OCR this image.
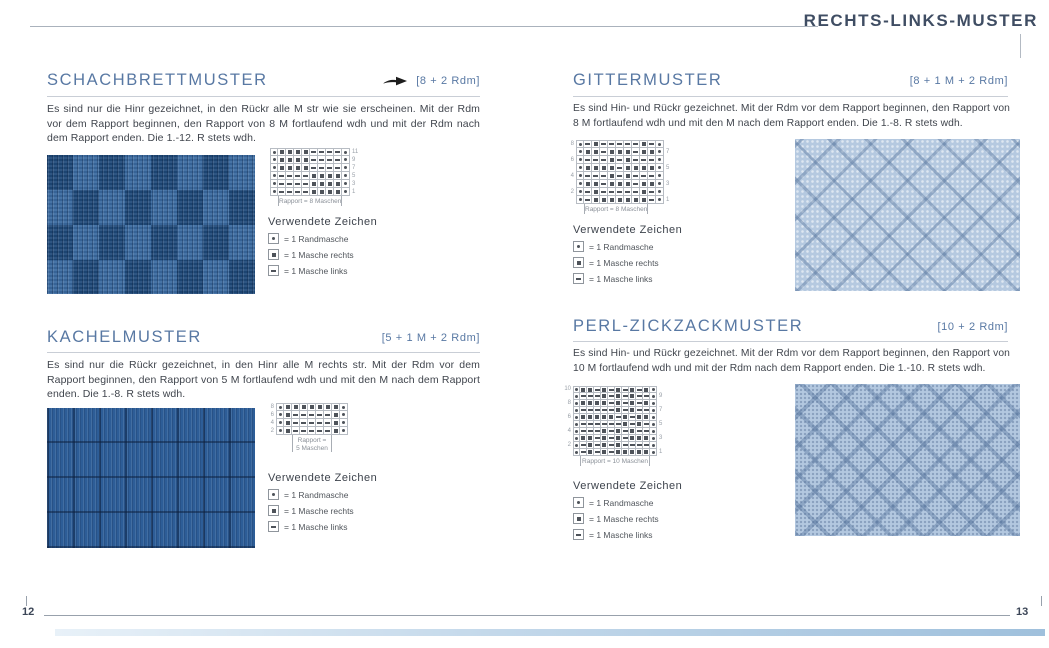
RECHTS-LINKS-MUSTER
SCHACHBRETTMUSTER	[8 + 2 Rdm]
Es sind nur die Hinr gezeichnet, in den Rückr alle M str wie sie erscheinen. Mit der Rdm vor dem Rapport beginnen, den Rapport von 8 M fortlaufend wdh und mit der Rdm nach dem Rapport enden. Die 1.-12. R stets wdh.
11
9
7
5
3
1
Rapport = 8 Maschen
Verwendete Zeichen
= 1 Randmasche
= 1 Masche rechts
= 1 Masche links
KACHELMUSTER	[5 + 1 M + 2 Rdm]
Es sind nur die Rückr gezeichnet, in den Hinr alle M rechts str. Mit der Rdm vor dem Rapport beginnen, den Rapport von 5 M fortlaufend wdh und mit den M nach dem Rapport enden. Die 1.-8. R stets wdh.
8
6
4
2
Rapport =
5 Maschen
Verwendete Zeichen
= 1 Randmasche
= 1 Masche rechts
= 1 Masche links
GITTERMUSTER	[8 + 1 M + 2 Rdm]
Es sind Hin- und Rückr gezeichnet. Mit der Rdm vor dem Rapport beginnen, den Rapport von 8 M fortlaufend wdh und mit den M nach dem Rapport enden. Die 1.-8. R stets wdh.
8
7
6
5
4
3
2
1
Rapport = 8 Maschen
Verwendete Zeichen
= 1 Randmasche
= 1 Masche rechts
= 1 Masche links
PERL-ZICKZACKMUSTER	[10 + 2 Rdm]
Es sind Hin- und Rückr gezeichnet. Mit der Rdm vor dem Rapport beginnen, den Rapport von 10 M fortlaufend wdh und mit der Rdm nach dem Rapport enden. Die 1.-10. R stets wdh.
10
9
8
7
6
5
4
3
2
1
Rapport = 10 Maschen
Verwendete Zeichen
= 1 Randmasche
= 1 Masche rechts
= 1 Masche links
12	13
